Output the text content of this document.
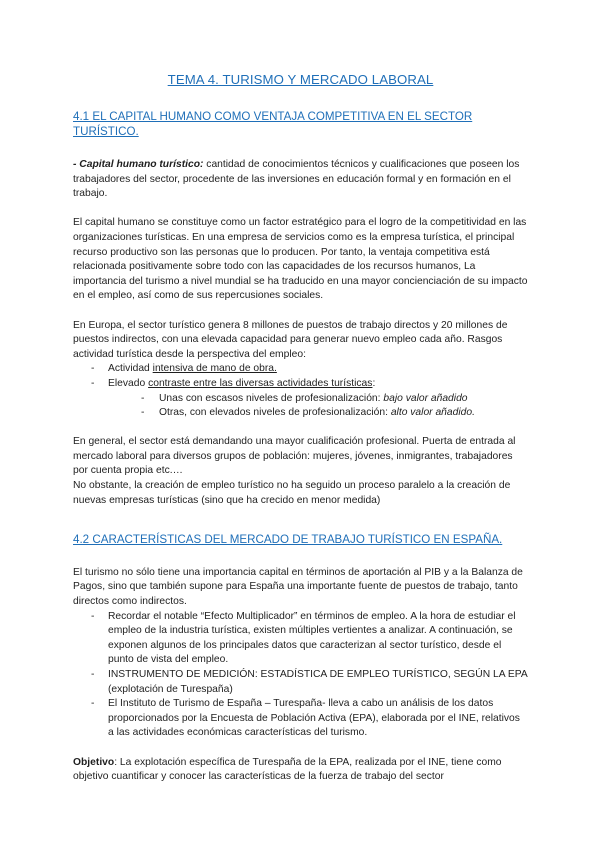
TEMA 4. TURISMO Y MERCADO LABORAL
4.1 EL CAPITAL HUMANO COMO VENTAJA COMPETITIVA EN EL SECTOR TURÍSTICO.

- Capital humano turístico: cantidad de conocimientos técnicos y cualificaciones que poseen los trabajadores del sector, procedente de las inversiones en educación formal y en formación en el trabajo.

El capital humano se constituye como un factor estratégico para el logro de la competitividad en las organizaciones turísticas. En una empresa de servicios como es la empresa turística, el principal recurso productivo son las personas que lo producen. Por tanto, la ventaja competitiva está relacionada positivamente sobre todo con las capacidades de los recursos humanos, La importancia del turismo a nivel mundial se ha traducido en una mayor concienciación de su impacto en el empleo, así como de sus repercusiones sociales.

En Europa, el sector turístico genera 8 millones de puestos de trabajo directos y 20 millones de puestos indirectos, con una elevada capacidad para generar nuevo empleo cada año. Rasgos actividad turística desde la perspectiva del empleo:

- Actividad intensiva de mano de obra.
- Elevado contraste entre las diversas actividades turísticas:
- Unas con escasos niveles de profesionalización: bajo valor añadido
- Otras, con elevados niveles de profesionalización: alto valor añadido.

En general, el sector está demandando una mayor cualificación profesional. Puerta de entrada al mercado laboral para diversos grupos de población: mujeres, jóvenes, inmigrantes, trabajadores por cuenta propia etc.…

No obstante, la creación de empleo turístico no ha seguido un proceso paralelo a la creación de nuevas empresas turísticas (sino que ha crecido en menor medida)

4.2 CARACTERÍSTICAS DEL MERCADO DE TRABAJO TURÍSTICO EN ESPAÑA.

El turismo no sólo tiene una importancia capital en términos de aportación al PIB y a la Balanza de Pagos, sino que también supone para España una importante fuente de puestos de trabajo, tanto directos como indirectos.

- Recordar el notable “Efecto Multiplicador” en términos de empleo. A la hora de estudiar el empleo de la industria turística, existen múltiples vertientes a analizar. A continuación, se exponen algunos de los principales datos que caracterizan al sector turístico, desde el punto de vista del empleo.
- INSTRUMENTO DE MEDICIÓN: ESTADÍSTICA DE EMPLEO TURÍSTICO, SEGÚN LA EPA (explotación de Turespaña)
- El Instituto de Turismo de España – Turespaña- lleva a cabo un análisis de los datos proporcionados por la Encuesta de Población Activa (EPA), elaborada por el INE, relativos a las actividades económicas características del turismo.

Objetivo: La explotación específica de Turespaña de la EPA, realizada por el INE, tiene como objetivo cuantificar y conocer las características de la fuerza de trabajo del sector
